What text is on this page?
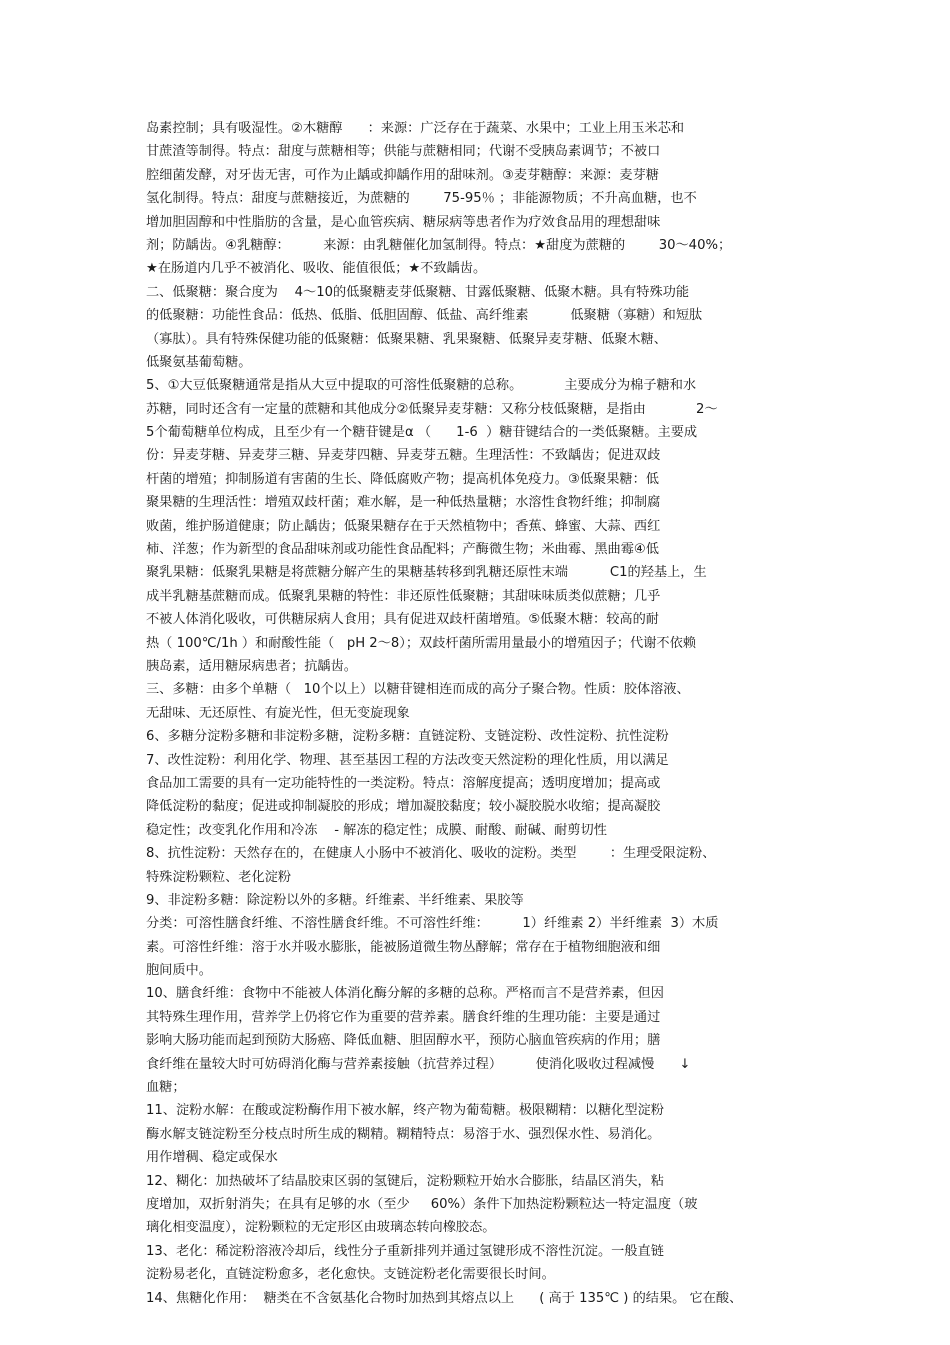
岛素控制；具有吸湿性。②木糖醇      ：来源：广泛存在于蔬菜、水果中；工业上用玉米芯和
甘蔗渣等制得。特点：甜度与蔗糖相等；供能与蔗糖相同；代谢不受胰岛素调节；不被口
腔细菌发酵，对牙齿无害，可作为止龋或抑龋作用的甜味剂。③麦芽糖醇：来源：麦芽糖
氢化制得。特点：甜度与蔗糖接近，为蔗糖的        75-95％ ；非能源物质；不升高血糖，也不
增加胆固醇和中性脂肪的含量，是心血管疾病、糖尿病等患者作为疗效食品用的理想甜味
剂；防龋齿。④乳糖醇：        来源：由乳糖催化加氢制得。特点：★甜度为蔗糖的        30～40%；
★在肠道内几乎不被消化、吸收、能值很低；★不致龋齿。
二、低聚糖：聚合度为    4～10的低聚糖麦芽低聚糖、甘露低聚糖、低聚木糖。具有特殊功能
的低聚糖：功能性食品：低热、低脂、低胆固醇、低盐、高纤维素          低聚糖（寡糖）和短肽
（寡肽）。具有特殊保健功能的低聚糖：低聚果糖、乳果聚糖、低聚异麦芽糖、低聚木糖、
低聚氨基葡萄糖。
5、①大豆低聚糖通常是指从大豆中提取的可溶性低聚糖的总称。          主要成分为棉子糖和水
苏糖，同时还含有一定量的蔗糖和其他成分②低聚异麦芽糖：又称分枝低聚糖，是指由            2～
5个葡萄糖单位构成，且至少有一个糖苷键是α （      1-6  ）糖苷键结合的一类低聚糖。主要成
份：异麦芽糖、异麦芽三糖、异麦芽四糖、异麦芽五糖。生理活性：不致龋齿；促进双歧
杆菌的增殖；抑制肠道有害菌的生长、降低腐败产物；提高机体免疫力。③低聚果糖：低
聚果糖的生理活性：增殖双歧杆菌；难水解，是一种低热量糖；水溶性食物纤维；抑制腐
败菌，维护肠道健康；防止龋齿；低聚果糖存在于天然植物中；香蕉、蜂蜜、大蒜、西红
柿、洋葱；作为新型的食品甜味剂或功能性食品配料；产酶微生物；米曲霉、黑曲霉④低
聚乳果糖：低聚乳果糖是将蔗糖分解产生的果糖基转移到乳糖还原性末端          C1的羟基上，生
成半乳糖基蔗糖而成。低聚乳果糖的特性：非还原性低聚糖；其甜味味质类似蔗糖；几乎
不被人体消化吸收，可供糖尿病人食用；具有促进双歧杆菌增殖。⑤低聚木糖：较高的耐
热（ 100℃/1h ）和耐酸性能（   pH 2～8）；双歧杆菌所需用量最小的增殖因子；代谢不依赖
胰岛素，适用糖尿病患者；抗龋齿。
三、多糖：由多个单糖（   10个以上）以糖苷键相连而成的高分子聚合物。性质：胶体溶液、
无甜味、无还原性、有旋光性，但无变旋现象
6、多糖分淀粉多糖和非淀粉多糖，淀粉多糖：直链淀粉、支链淀粉、改性淀粉、抗性淀粉
7、改性淀粉：利用化学、物理、甚至基因工程的方法改变天然淀粉的理化性质，用以满足
食品加工需要的具有一定功能特性的一类淀粉。特点：溶解度提高；透明度增加；提高或
降低淀粉的黏度；促进或抑制凝胶的形成；增加凝胶黏度；较小凝胶脱水收缩；提高凝胶
稳定性；改变乳化作用和冷冻    - 解冻的稳定性；成膜、耐酸、耐碱、耐剪切性
8、抗性淀粉：天然存在的，在健康人小肠中不被消化、吸收的淀粉。类型        ：生理受限淀粉、
特殊淀粉颗粒、老化淀粉
9、非淀粉多糖：除淀粉以外的多糖。纤维素、半纤维素、果胶等
分类：可溶性膳食纤维、不溶性膳食纤维。不可溶性纤维：        1）纤维素 2）半纤维素  3）木质
素。可溶性纤维：溶于水并吸水膨胀，能被肠道微生物丛酵解；常存在于植物细胞液和细
胞间质中。
10、膳食纤维：食物中不能被人体消化酶分解的多糖的总称。严格而言不是营养素，但因
其特殊生理作用，营养学上仍将它作为重要的营养素。膳食纤维的生理功能：主要是通过
影响大肠功能而起到预防大肠癌、降低血糖、胆固醇水平，预防心脑血管疾病的作用；膳
食纤维在量较大时可妨碍消化酶与营养素接触（抗营养过程）        使消化吸收过程减慢      ↓
血糖；
11、淀粉水解：在酸或淀粉酶作用下被水解，终产物为葡萄糖。极限糊精：以糖化型淀粉
酶水解支链淀粉至分枝点时所生成的糊精。糊精特点：易溶于水、强烈保水性、易消化。
用作增稠、稳定或保水
12、糊化：加热破坏了结晶胶束区弱的氢键后，淀粉颗粒开始水合膨胀，结晶区消失，粘
度增加，双折射消失；在具有足够的水（至少     60%）条件下加热淀粉颗粒达一特定温度（玻
璃化相变温度），淀粉颗粒的无定形区由玻璃态转向橡胶态。
13、老化：稀淀粉溶液冷却后，线性分子重新排列并通过氢键形成不溶性沉淀。一般直链
淀粉易老化，直链淀粉愈多，老化愈快。支链淀粉老化需要很长时间。
14、焦糖化作用：  糖类在不含氨基化合物时加热到其熔点以上      ( 高于 135℃ ) 的结果。 它在酸、
